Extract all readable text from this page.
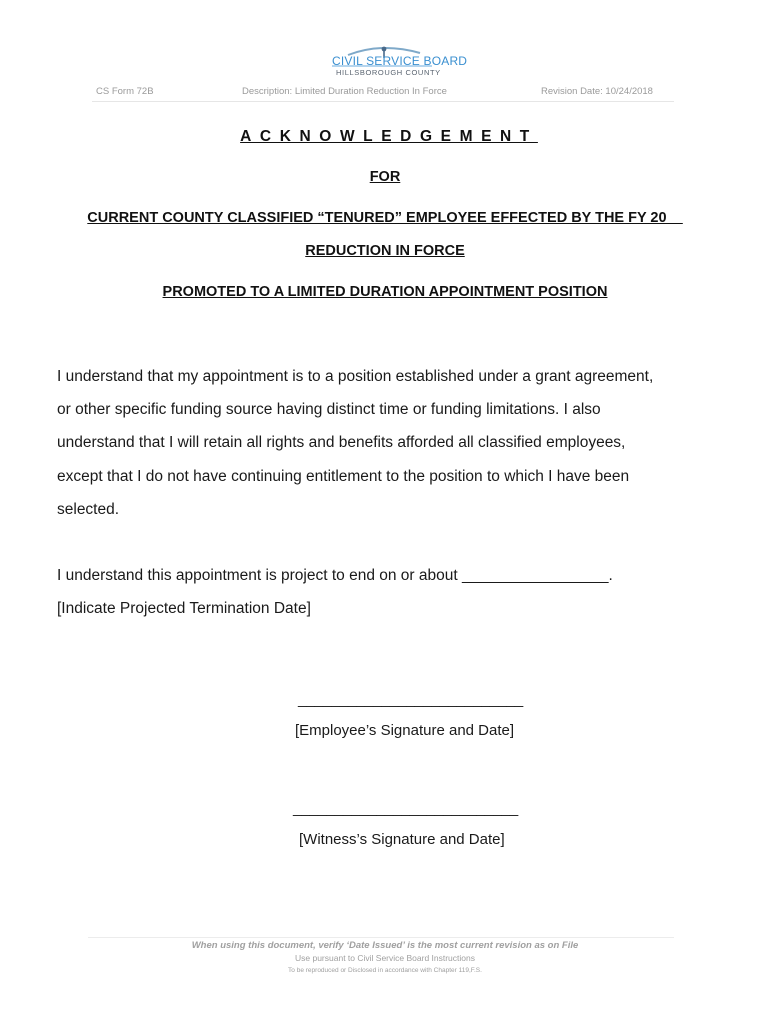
CIVIL SERVICE BOARD
HILLSBOROUGH COUNTY
CS Form 72B	Description: Limited Duration Reduction In Force	Revision Date: 10/24/2018
ACKNOWLEDGEMENT
FOR
CURRENT COUNTY CLASSIFIED “TENURED” EMPLOYEE EFFECTED BY THE FY 20__
REDUCTION IN FORCE
PROMOTED TO A LIMITED DURATION APPOINTMENT POSITION
I understand that my appointment is to a position established under a grant agreement,
or other specific funding source having distinct time or funding limitations. I also
understand that I will retain all rights and benefits afforded all classified employees,
except that I do not have continuing entitlement to the position to which I have been
selected.
I understand this appointment is project to end on or about _________________.
[Indicate Projected Termination Date]
___________________________
[Employee’s Signature and Date]
___________________________
[Witness’s Signature and Date]
When using this document, verify ‘Date Issued’ is the most current revision as on File
Use pursuant to Civil Service Board Instructions
To be reproduced or Disclosed in accordance with Chapter 119,F.S.
